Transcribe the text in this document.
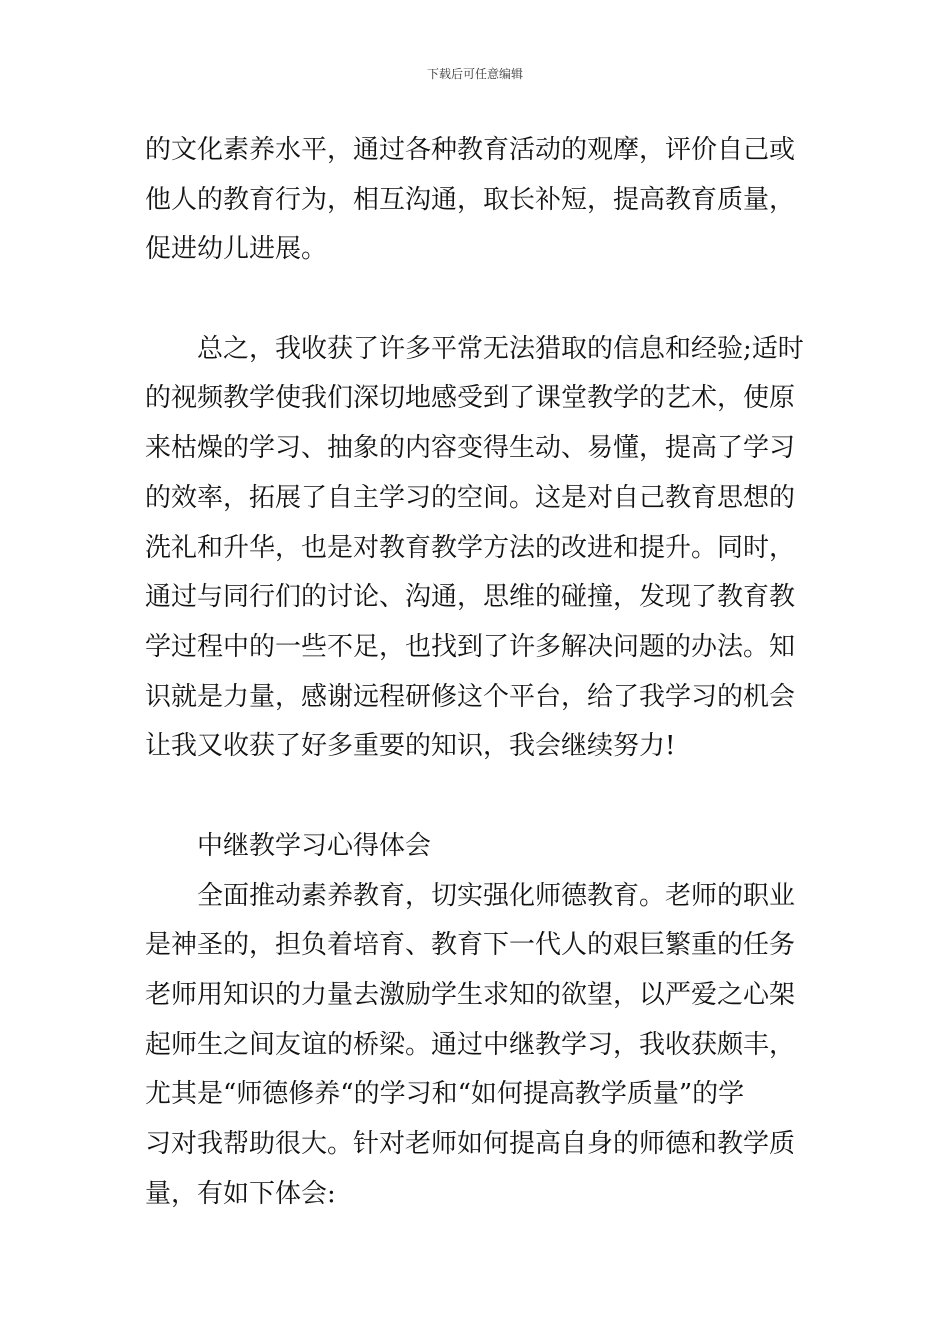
下载后可任意编辑
的文化素养水平，通过各种教育活动的观摩，评价自己或
他人的教育行为，相互沟通，取长补短，提高教育质量，
促进幼儿进展。
总之，我收获了许多平常无法猎取的信息和经验;适时
的视频教学使我们深切地感受到了课堂教学的艺术，使原
来枯燥的学习、抽象的内容变得生动、易懂，提高了学习
的效率，拓展了自主学习的空间。这是对自己教育思想的
洗礼和升华，也是对教育教学方法的改进和提升。同时，
通过与同行们的讨论、沟通，思维的碰撞，发现了教育教
学过程中的一些不足，也找到了许多解决问题的办法。知
识就是力量，感谢远程研修这个平台，给了我学习的机会
让我又收获了好多重要的知识，我会继续努力!
中继教学习心得体会
全面推动素养教育，切实强化师德教育。老师的职业
是神圣的，担负着培育、教育下一代人的艰巨繁重的任务
老师用知识的力量去激励学生求知的欲望，以严爱之心架
起师生之间友谊的桥梁。通过中继教学习，我收获颇丰，
尤其是“师德修养“的学习和“如何提高教学质量”的学
习对我帮助很大。针对老师如何提高自身的师德和教学质
量，有如下体会:
